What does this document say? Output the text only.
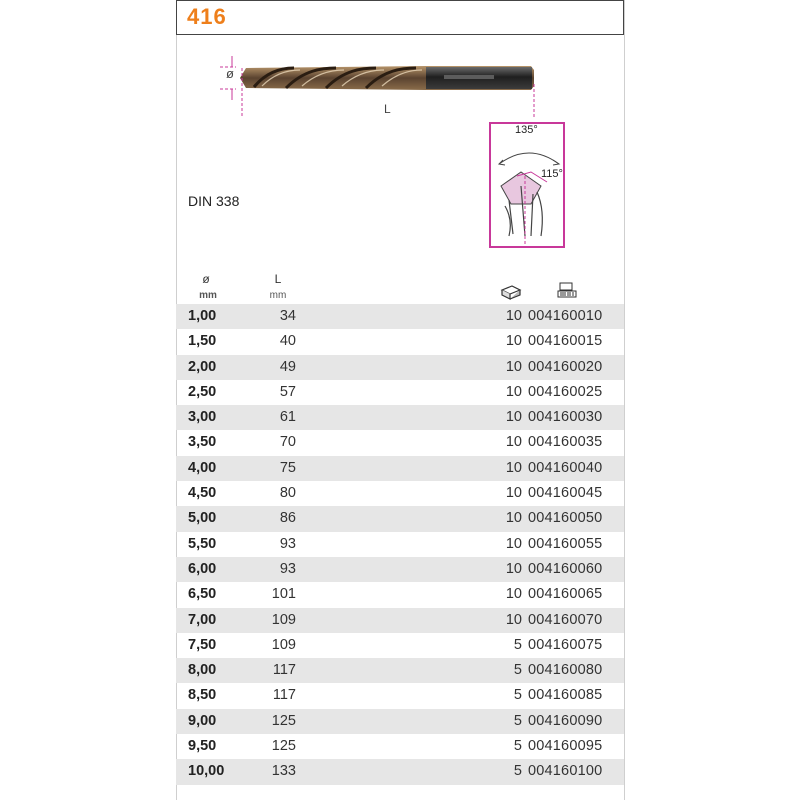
416
ø
L
DIN 338
135°
115°
ø
mm
L
mm
1,00	34	10 004160010
1,50	40	10 004160015
2,00	49	10 004160020
2,50	57	10 004160025
3,00	61	10 004160030
3,50	70	10 004160035
4,00	75	10 004160040
4,50	80	10 004160045
5,00	86	10 004160050
5,50	93	10 004160055
6,00	93	10 004160060
6,50	101	10 004160065
7,00	109	10 004160070
7,50	109	5 004160075
8,00	117	5 004160080
8,50	117	5 004160085
9,00	125	5 004160090
9,50	125	5 004160095
10,00	133	5 004160100
